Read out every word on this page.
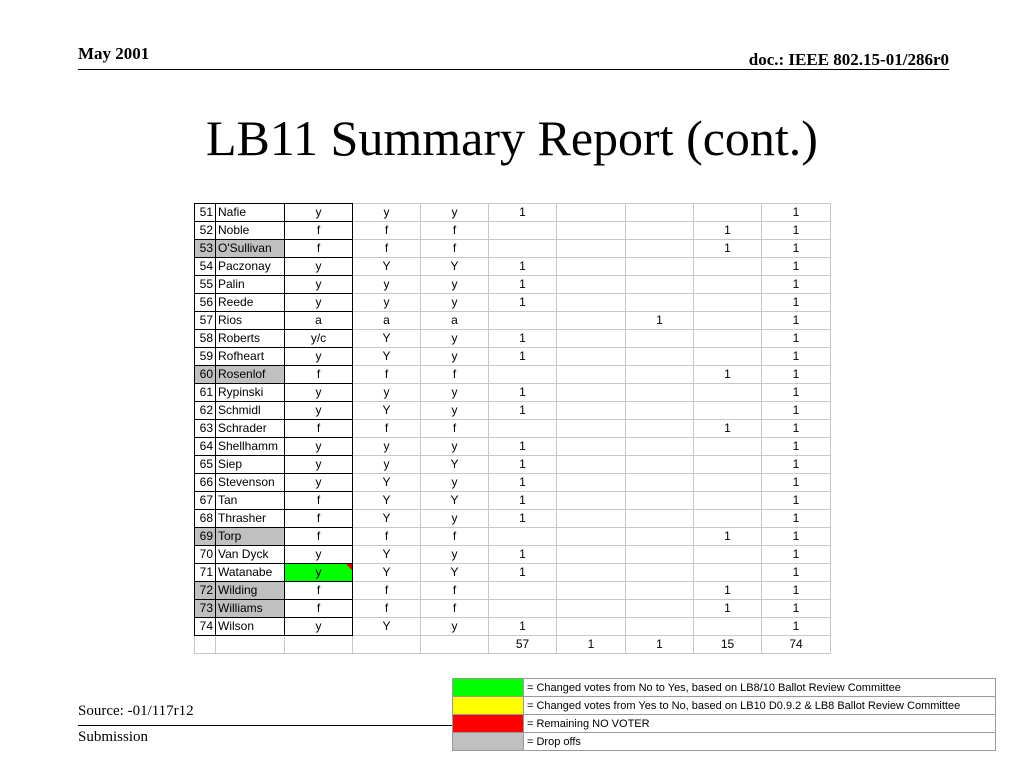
May 2001	doc.: IEEE 802.15-01/286r0
LB11 Summary Report (cont.)
51	Nafie	y	y	y	1				1
52	Noble	f	f	f				1	1
53	O'Sullivan	f	f	f				1	1
54	Paczonay	y	Y	Y	1				1
55	Palin	y	y	y	1				1
56	Reede	y	y	y	1				1
57	Rios	a	a	a			1		1
58	Roberts	y/c	Y	y	1				1
59	Rofheart	y	Y	y	1				1
60	Rosenlof	f	f	f				1	1
61	Rypinski	y	y	y	1				1
62	Schmidl	y	Y	y	1				1
63	Schrader	f	f	f				1	1
64	Shellhamm	y	y	y	1				1
65	Siep	y	y	Y	1				1
66	Stevenson	y	Y	y	1				1
67	Tan	f	Y	Y	1				1
68	Thrasher	f	Y	y	1				1
69	Torp	f	f	f				1	1
70	Van Dyck	y	Y	y	1				1
71	Watanabe	y	Y	Y	1				1
72	Wilding	f	f	f				1	1
73	Williams	f	f	f				1	1
74	Wilson	y	Y	y	1				1
					57	1	1	15	74
	= Changed votes from No to Yes, based on LB8/10 Ballot Review Committee
	= Changed votes from Yes to No, based on LB10 D0.9.2 & LB8 Ballot Review Committee
	= Remaining NO VOTER
	= Drop offs
Source: -01/117r12
Submission
